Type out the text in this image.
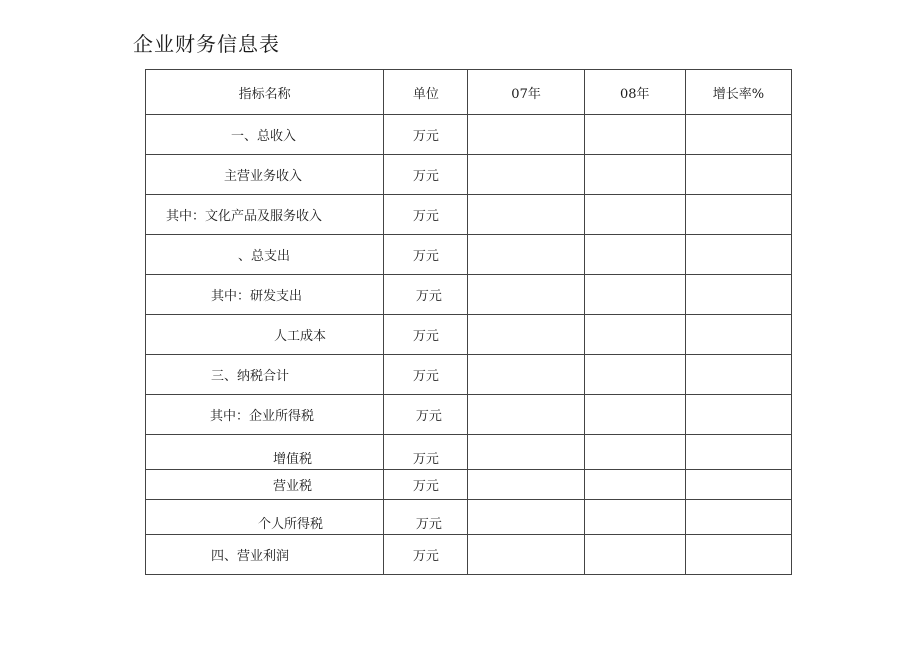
企业财务信息表
指标名称	单位	07年	08年	增长率%
一、总收入	万元			
主营业务收入	万元			
其中：文化产品及服务收入	万元			
、总支出	万元			
其中：研发支出	万元			
人工成本	万元			
三、纳税合计	万元			
其中：企业所得税	万元			
增值税	万元			
营业税	万元			
个人所得税	万元			
四、营业利润	万元			
